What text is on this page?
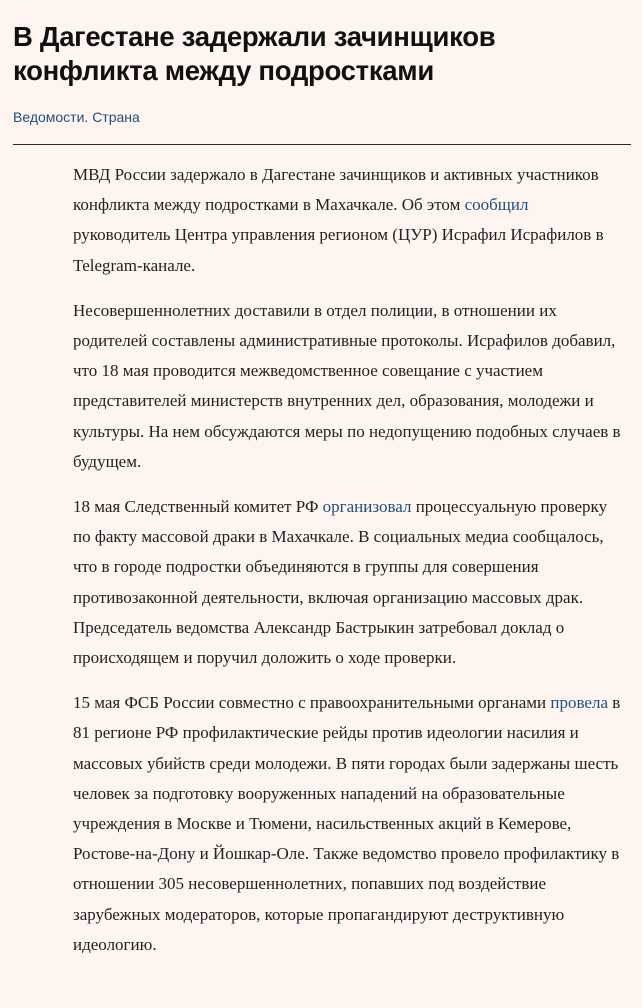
В Дагестане задержали зачинщиков конфликта между подростками
Ведомости. Страна

МВД России задержало в Дагестане зачинщиков и активных участников конфликта между подростками в Махачкале. Об этом сообщил руководитель Центра управления регионом (ЦУР) Исрафил Исрафилов в Telegram-канале.

Несовершеннолетних доставили в отдел полиции, в отношении их родителей составлены административные протоколы. Исрафилов добавил, что 18 мая проводится межведомственное совещание с участием представителей министерств внутренних дел, образования, молодежи и культуры. На нем обсуждаются меры по недопущению подобных случаев в будущем.

18 мая Следственный комитет РФ организовал процессуальную проверку по факту массовой драки в Махачкале. В социальных медиа сообщалось, что в городе подростки объединяются в группы для совершения противозаконной деятельности, включая организацию массовых драк. Председатель ведомства Александр Бастрыкин затребовал доклад о происходящем и поручил доложить о ходе проверки.

15 мая ФСБ России совместно с правоохранительными органами провела в 81 регионе РФ профилактические рейды против идеологии насилия и массовых убийств среди молодежи. В пяти городах были задержаны шесть человек за подготовку вооруженных нападений на образовательные учреждения в Москве и Тюмени, насильственных акций в Кемерове, Ростове-на-Дону и Йошкар-Оле. Также ведомство провело профилактику в отношении 305 несовершеннолетних, попавших под воздействие зарубежных модераторов, которые пропагандируют деструктивную идеологию.
